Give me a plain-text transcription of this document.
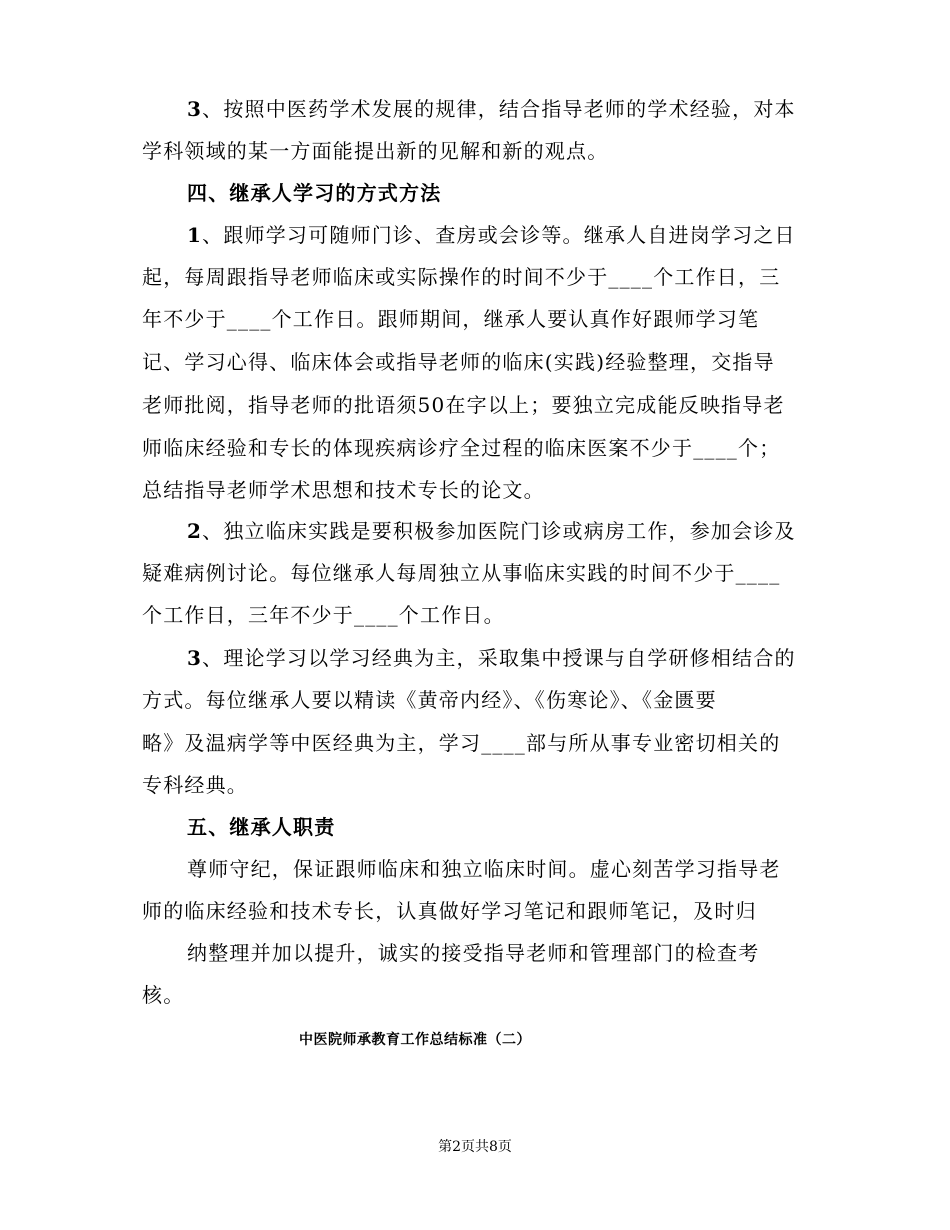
3、按照中医药学术发展的规律，结合指导老师的学术经验，对本
学科领域的某一方面能提出新的见解和新的观点。
四、继承人学习的方式方法
1、跟师学习可随师门诊、查房或会诊等。继承人自进岗学习之日
起，每周跟指导老师临床或实际操作的时间不少于____个工作日，三
年不少于____个工作日。跟师期间，继承人要认真作好跟师学习笔
记、学习心得、临床体会或指导老师的临床(实践)经验整理，交指导
老师批阅，指导老师的批语须50在字以上；要独立完成能反映指导老
师临床经验和专长的体现疾病诊疗全过程的临床医案不少于____个；
总结指导老师学术思想和技术专长的论文。
2、独立临床实践是要积极参加医院门诊或病房工作，参加会诊及
疑难病例讨论。每位继承人每周独立从事临床实践的时间不少于____
个工作日，三年不少于____个工作日。
3、理论学习以学习经典为主，采取集中授课与自学研修相结合的
方式。每位继承人要以精读《黄帝内经》、《伤寒论》、《金匮要
略》及温病学等中医经典为主，学习____部与所从事专业密切相关的
专科经典。
五、继承人职责
尊师守纪，保证跟师临床和独立临床时间。虚心刻苦学习指导老
师的临床经验和技术专长，认真做好学习笔记和跟师笔记，及时归
纳整理并加以提升，诚实的接受指导老师和管理部门的检查考
核。
中医院师承教育工作总结标准（二）
第2页共8页
